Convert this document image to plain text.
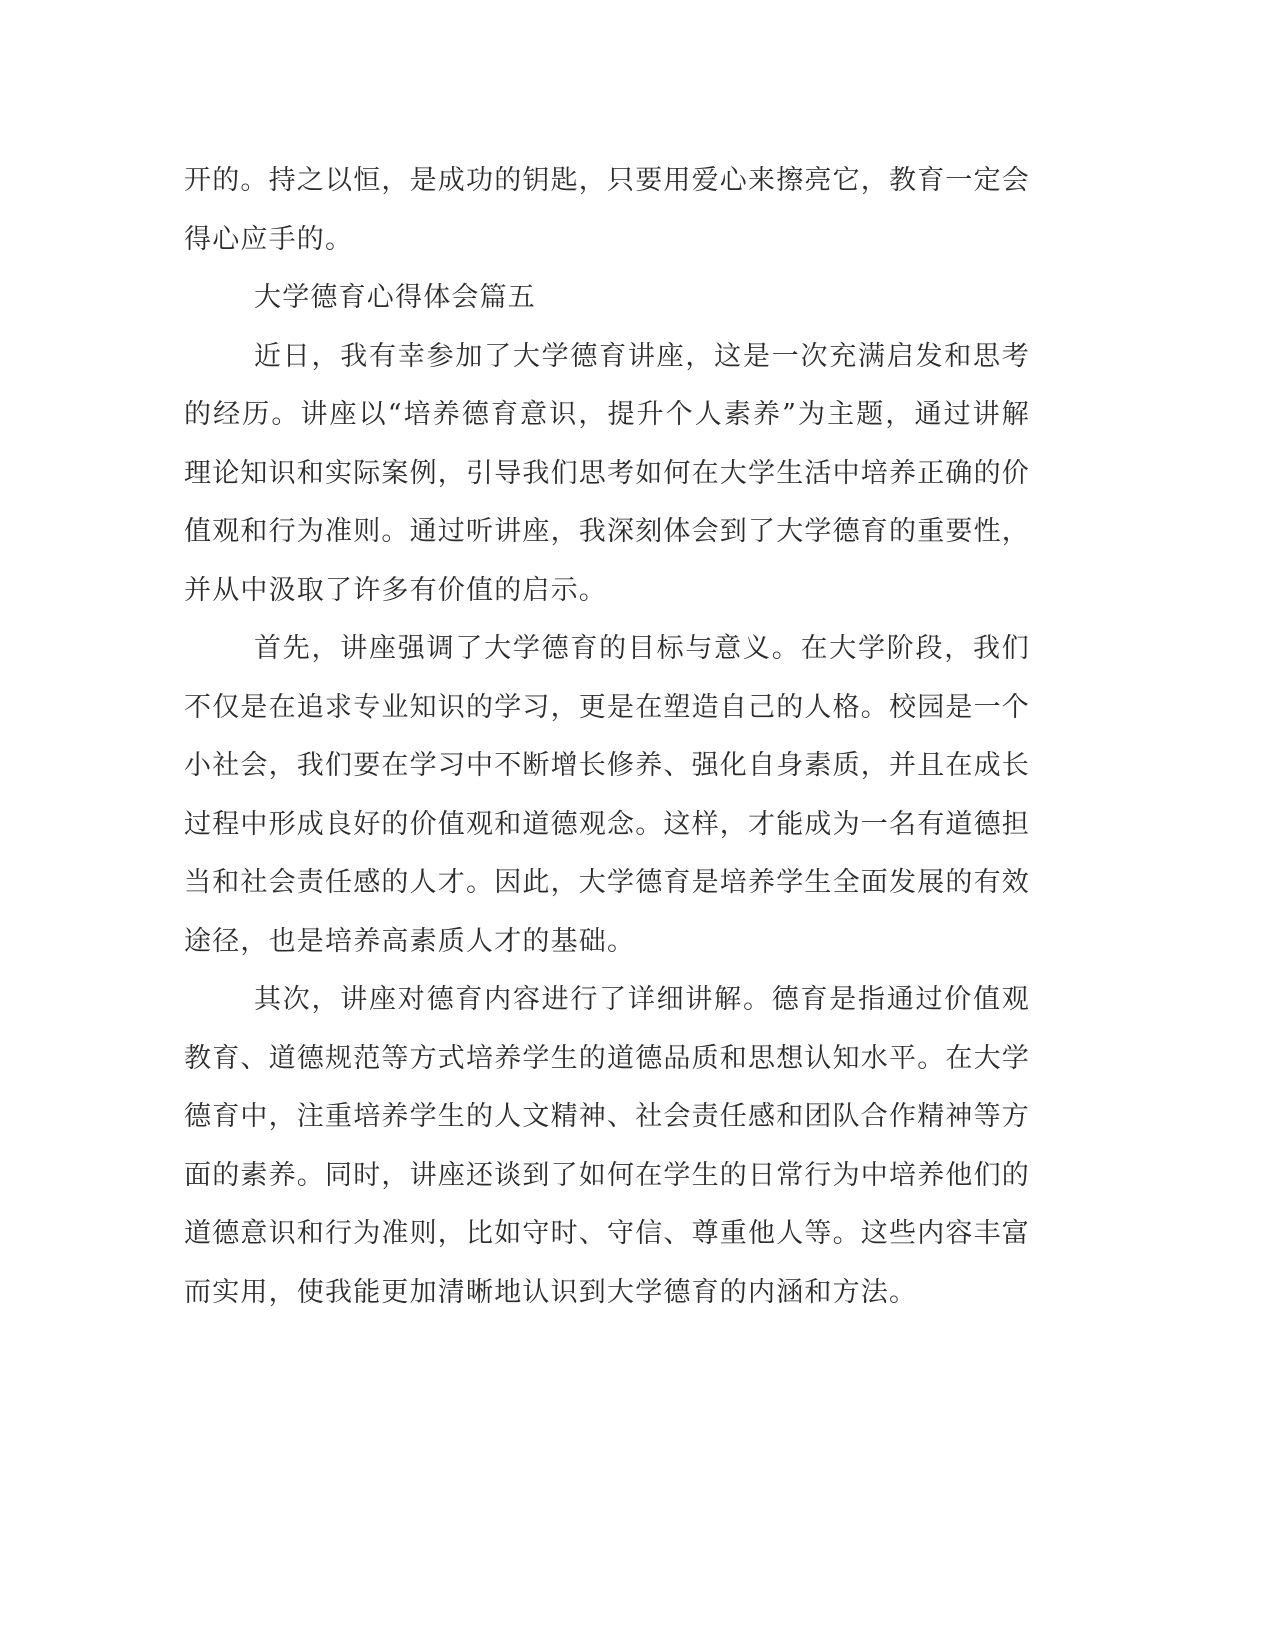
开的。持之以恒，是成功的钥匙，只要用爱心来擦亮它，教育一定会得心应手的。

大学德育心得体会篇五

近日，我有幸参加了大学德育讲座，这是一次充满启发和思考的经历。讲座以“培养德育意识，提升个人素养”为主题，通过讲解理论知识和实际案例，引导我们思考如何在大学生活中培养正确的价值观和行为准则。通过听讲座，我深刻体会到了大学德育的重要性，并从中汲取了许多有价值的启示。

首先，讲座强调了大学德育的目标与意义。在大学阶段，我们不仅是在追求专业知识的学习，更是在塑造自己的人格。校园是一个小社会，我们要在学习中不断增长修养、强化自身素质，并且在成长过程中形成良好的价值观和道德观念。这样，才能成为一名有道德担当和社会责任感的人才。因此，大学德育是培养学生全面发展的有效途径，也是培养高素质人才的基础。

其次，讲座对德育内容进行了详细讲解。德育是指通过价值观教育、道德规范等方式培养学生的道德品质和思想认知水平。在大学德育中，注重培养学生的人文精神、社会责任感和团队合作精神等方面的素养。同时，讲座还谈到了如何在学生的日常行为中培养他们的道德意识和行为准则，比如守时、守信、尊重他人等。这些内容丰富而实用，使我能更加清晰地认识到大学德育的内涵和方法。
